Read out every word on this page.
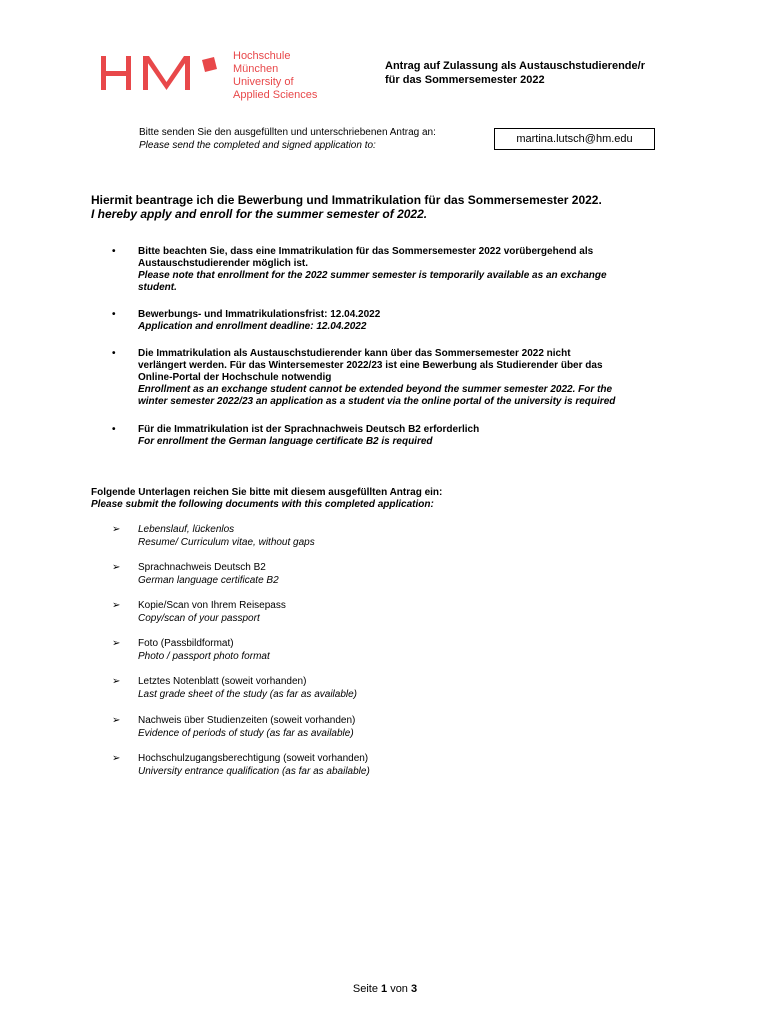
Hochschule
München
University of
Applied Sciences
Antrag auf Zulassung als Austauschstudierende/r
für das Sommersemester 2022
Bitte senden Sie den ausgefüllten und unterschriebenen Antrag an:
Please send the completed and signed application to:
martina.lutsch@hm.edu
Hiermit beantrage ich die Bewerbung und Immatrikulation für das Sommersemester 2022.
I hereby apply and enroll for the summer semester of 2022.
• Bitte beachten Sie, dass eine Immatrikulation für das Sommersemester 2022 vorübergehend als
Austauschstudierender möglich ist.
Please note that enrollment for the 2022 summer semester is temporarily available as an exchange
student.
• Bewerbungs- und Immatrikulationsfrist: 12.04.2022
Application and enrollment deadline: 12.04.2022
• Die Immatrikulation als Austauschstudierender kann über das Sommersemester 2022 nicht
verlängert werden. Für das Wintersemester 2022/23 ist eine Bewerbung als Studierender über das
Online-Portal der Hochschule notwendig
Enrollment as an exchange student cannot be extended beyond the summer semester 2022. For the
winter semester 2022/23 an application as a student via the online portal of the university is required
• Für die Immatrikulation ist der Sprachnachweis Deutsch B2 erforderlich
For enrollment the German language certificate B2 is required
Folgende Unterlagen reichen Sie bitte mit diesem ausgefüllten Antrag ein:
Please submit the following documents with this completed application:
➢ Lebenslauf, lückenlos
Resume/ Curriculum vitae, without gaps
➢ Sprachnachweis Deutsch B2
German language certificate B2
➢ Kopie/Scan von Ihrem Reisepass
Copy/scan of your passport
➢ Foto (Passbildformat)
Photo / passport photo format
➢ Letztes Notenblatt (soweit vorhanden)
Last grade sheet of the study (as far as available)
➢ Nachweis über Studienzeiten (soweit vorhanden)
Evidence of periods of study (as far as available)
➢ Hochschulzugangsberechtigung (soweit vorhanden)
University entrance qualification (as far as abailable)
Seite 1 von 3
